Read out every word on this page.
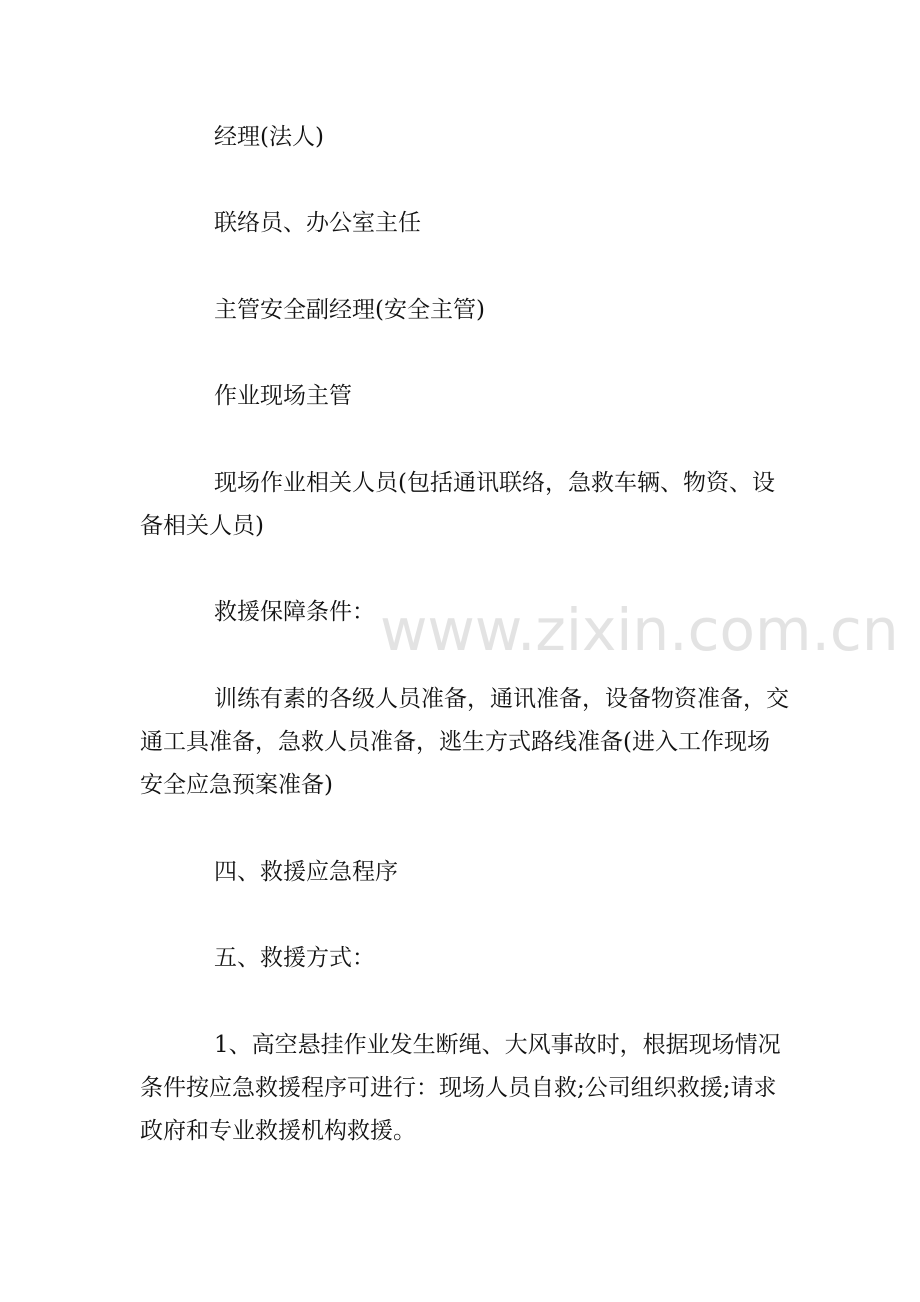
www.zixin.com.cn

经理(法人)

联络员、办公室主任

主管安全副经理(安全主管)

作业现场主管

现场作业相关人员(包括通讯联络，急救车辆、物资、设备相关人员)

救援保障条件：

训练有素的各级人员准备，通讯准备，设备物资准备，交通工具准备，急救人员准备，逃生方式路线准备(进入工作现场安全应急预案准备)

四、救援应急程序

五、救援方式：

1、高空悬挂作业发生断绳、大风事故时，根据现场情况条件按应急救援程序可进行：现场人员自救;公司组织救援;请求政府和专业救援机构救援。
